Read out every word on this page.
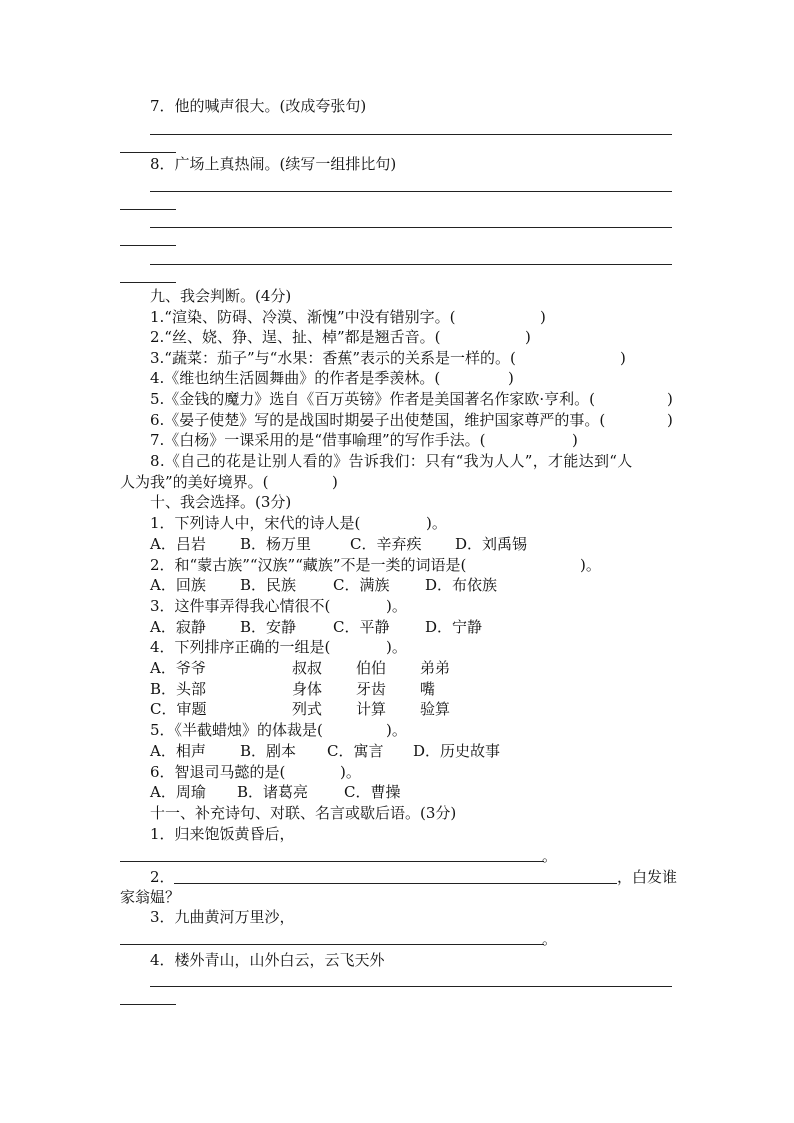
7．他的喊声很大。(改成夸张句)
8．广场上真热闹。(续写一组排比句)
九、我会判断。(4分)
1.“渲染、防碍、冷漠、渐愧”中没有错别字。(	)
2.“丝、娆、狰、逞、扯、棹”都是翘舌音。(	)
3.“蔬菜：茄子”与“水果：香蕉”表示的关系是一样的。(	)
4.《维也纳生活圆舞曲》的作者是季羡林。(	)
5.《金钱的魔力》选自《百万英镑》作者是美国著名作家欧·亨利。(	)
6.《晏子使楚》写的是战国时期晏子出使楚国，维护国家尊严的事。(	)
7.《白杨》一课采用的是“借事喻理”的写作手法。(	)
8.《自己的花是让别人看的》告诉我们：只有“我为人人”，才能达到“人
人为我”的美好境界。(	)
十、我会选择。(3分)
1．下列诗人中，宋代的诗人是(	)。
A．吕岩 B．杨万里	C．辛弃疾 D．刘禹锡
2．和“蒙古族”“汉族”“藏族”不是一类的词语是(	)。
A．回族 B．民族 C．满族 D．布依族
3．这件事弄得我心情很不(	)。
A．寂静 B．安静 C．平静 D．宁静
4．下列排序正确的一组是(	)。
A．爷爷	叔叔 伯伯 弟弟
B．头部	身体 牙齿 嘴
C．审题	列式 计算 验算
5．《半截蜡烛》的体裁是(	)。
A．相声 B．剧本 C．寓言 D．历史故事
6．智退司马懿的是(	)。
A．周瑜 B．诸葛亮 C．曹操
十一、补充诗句、对联、名言或歇后语。(3分)
1．归来饱饭黄昏后，
。
2．	，白发谁
家翁媪？
3．九曲黄河万里沙，
。
4．楼外青山，山外白云，云飞天外
